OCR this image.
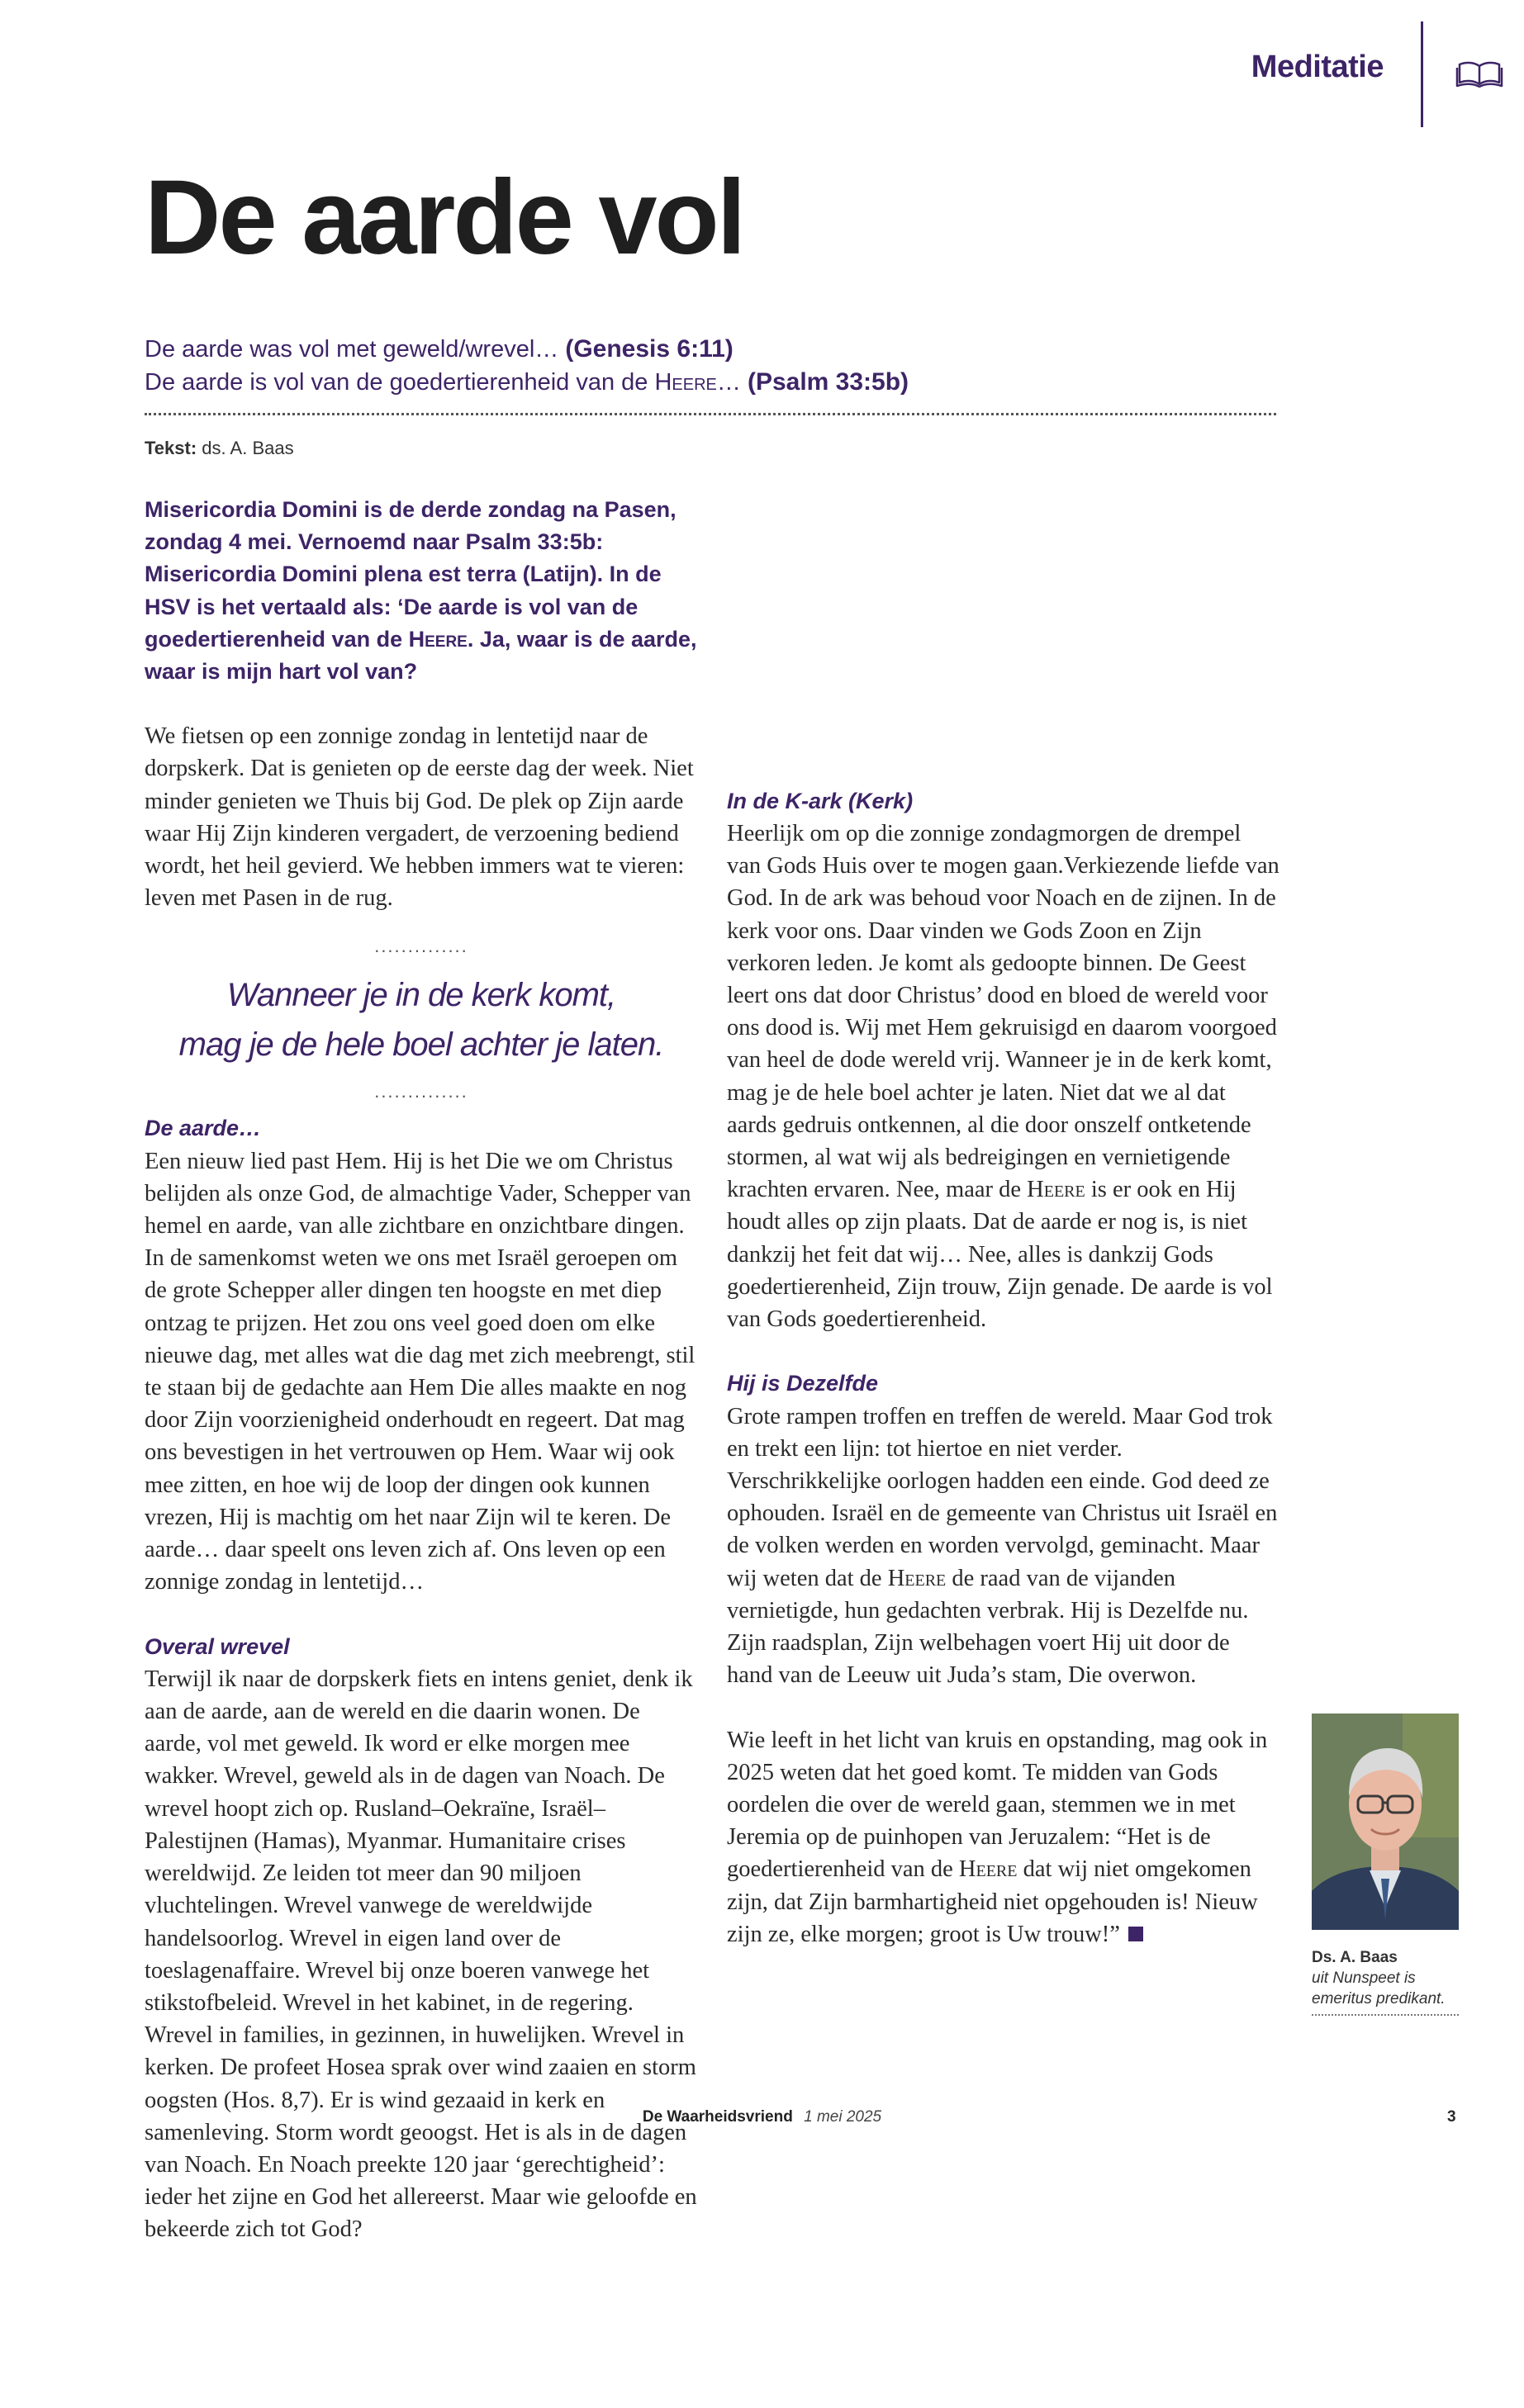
Meditatie
De aarde vol
De aarde was vol met geweld/wrevel… (Genesis 6:11)
De aarde is vol van de goedertierenheid van de Heere… (Psalm 33:5b)
Tekst: ds. A. Baas

Misericordia Domini is de derde zondag na Pasen, zondag 4 mei. Vernoemd naar Psalm 33:5b: Misericordia Domini plena est terra (Latijn). In de HSV is het vertaald als: ‘De aarde is vol van de goedertierenheid van de Heere. Ja, waar is de aarde, waar is mijn hart vol van?

We fietsen op een zonnige zondag in lentetijd naar de dorpskerk. Dat is genieten op de eerste dag der week. Niet minder genieten we Thuis bij God. De plek op Zijn aarde waar Hij Zijn kinderen vergadert, de verzoening bediend wordt, het heil gevierd. We hebben immers wat te vieren: leven met Pasen in de rug.

..............
Wanneer je in de kerk komt,
mag je de hele boel achter je laten.
..............

De aarde…

Een nieuw lied past Hem. Hij is het Die we om Christus belijden als onze God, de almachtige Vader, Schepper van hemel en aarde, van alle zichtbare en onzichtbare dingen. In de samenkomst weten we ons met Israël geroepen om de grote Schepper aller dingen ten hoogste en met diep ontzag te prijzen. Het zou ons veel goed doen om elke nieuwe dag, met alles wat die dag met zich meebrengt, stil te staan bij de gedachte aan Hem Die alles maakte en nog door Zijn voorzienigheid onderhoudt en regeert. Dat mag ons bevestigen in het vertrouwen op Hem. Waar wij ook mee zitten, en hoe wij de loop der dingen ook kunnen vrezen, Hij is machtig om het naar Zijn wil te keren. De aarde… daar speelt ons leven zich af. Ons leven op een zonnige zondag in lentetijd…

Overal wrevel

Terwijl ik naar de dorpskerk fiets en intens geniet, denk ik aan de aarde, aan de wereld en die daarin wonen. De aarde, vol met geweld. Ik word er elke morgen mee wakker. Wrevel, geweld als in de dagen van Noach. De wrevel hoopt zich op. Rusland–Oekraïne, Israël–Palestijnen (Hamas), Myanmar. Humanitaire crises wereldwijd. Ze leiden tot meer dan 90 miljoen vluchtelingen. Wrevel vanwege de wereldwijde handelsoorlog. Wrevel in eigen land over de toeslagenaffaire. Wrevel bij onze boeren vanwege het stikstofbeleid. Wrevel in het kabinet, in de regering. Wrevel in families, in gezinnen, in huwelijken. Wrevel in kerken. De profeet Hosea sprak over wind zaaien en storm oogsten (Hos. 8,7). Er is wind gezaaid in kerk en samenleving. Storm wordt geoogst. Het is als in de dagen van Noach. En Noach preekte 120 jaar ‘gerechtigheid’: ieder het zijne en God het allereerst. Maar wie geloofde en bekeerde zich tot God?

In de K-ark (Kerk)

Heerlijk om op die zonnige zondagmorgen de drempel van Gods Huis over te mogen gaan.Verkiezende liefde van God. In de ark was behoud voor Noach en de zijnen. In de kerk voor ons. Daar vinden we Gods Zoon en Zijn verkoren leden. Je komt als gedoopte binnen. De Geest leert ons dat door Christus’ dood en bloed de wereld voor ons dood is. Wij met Hem gekruisigd en daarom voorgoed van heel de dode wereld vrij. Wanneer je in de kerk komt, mag je de hele boel achter je laten. Niet dat we al dat aards gedruis ontkennen, al die door onszelf ontketende stormen, al wat wij als bedreigingen en vernietigende krachten ervaren. Nee, maar de Heere is er ook en Hij houdt alles op zijn plaats. Dat de aarde er nog is, is niet dankzij het feit dat wij… Nee, alles is dankzij Gods goedertierenheid, Zijn trouw, Zijn genade. De aarde is vol van Gods goedertierenheid.

Hij is Dezelfde

Grote rampen troffen en treffen de wereld. Maar God trok en trekt een lijn: tot hiertoe en niet verder. Verschrikkelijke oorlogen hadden een einde. God deed ze ophouden. Israël en de gemeente van Christus uit Israël en de volken werden en worden vervolgd, geminacht. Maar wij weten dat de Heere de raad van de vijanden vernietigde, hun gedachten verbrak. Hij is Dezelfde nu. Zijn raadsplan, Zijn welbehagen voert Hij uit door de hand van de Leeuw uit Juda’s stam, Die overwon.

Wie leeft in het licht van kruis en opstanding, mag ook in 2025 weten dat het goed komt. Te midden van Gods oordelen die over de wereld gaan, stemmen we in met Jeremia op de puinhopen van Jeruzalem: “Het is de goedertierenheid van de Heere dat wij niet omgekomen zijn, dat Zijn barmhartigheid niet opgehouden is! Nieuw zijn ze, elke morgen; groot is Uw trouw!”

Ds. A. Baas
uit Nunspeet is
emeritus predikant.
De Waarheidsvriend 1 mei 2025	3
